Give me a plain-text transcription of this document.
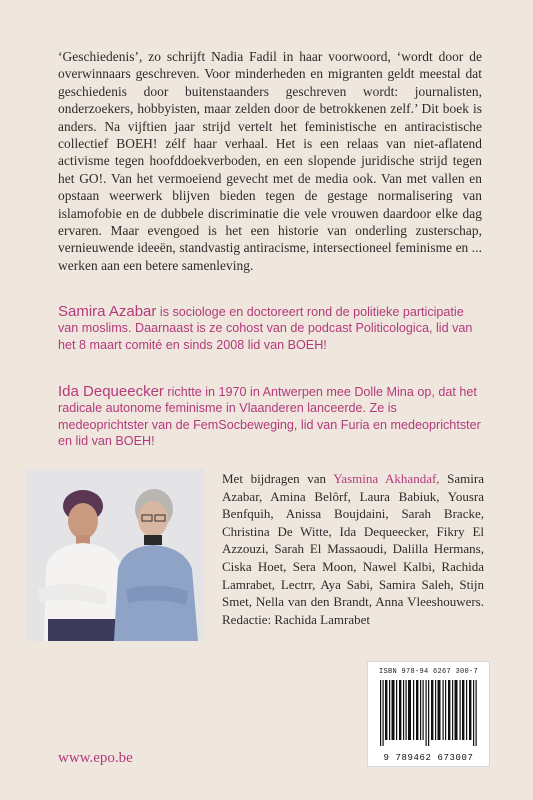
‘Geschiedenis’, zo schrijft Nadia Fadil in haar voorwoord, ‘wordt door de overwinnaars geschreven. Voor minderheden en migranten geldt meestal dat geschiedenis door buitenstaanders geschreven wordt: journalisten, onderzoekers, hobbyisten, maar zelden door de betrokkenen zelf.’ Dit boek is anders. Na vijftien jaar strijd vertelt het feministische en antiracistische collectief BOEH! zélf haar verhaal. Het is een relaas van niet-aflatend activisme tegen hoofddoekverboden, en een slopende juridische strijd tegen het GO!. Van het vermoeiend gevecht met de media ook. Van met vallen en opstaan weerwerk blijven bieden tegen de gestage normalisering van islamofobie en de dubbele discriminatie die vele vrouwen daardoor elke dag ervaren. Maar evengoed is het een historie van onderling zusterschap, vernieuwende ideeën, standvastig antiracisme, intersectioneel feminisme en ... werken aan een betere samenleving.
Samira Azabar is sociologe en doctoreert rond de politieke participatie van moslims. Daarnaast is ze cohost van de podcast Politicologica, lid van het 8 maart comité en sinds 2008 lid van BOEH!
Ida Dequeecker richtte in 1970 in Antwerpen mee Dolle Mina op, dat het radicale autonome feminisme in Vlaanderen lanceerde. Ze is medeoprichtster van de FemSocbeweging, lid van Furia en medeoprichtster en lid van BOEH!
Met bijdragen van Yasmina Akhandaf, Samira Azabar, Amina Belôrf, Laura Babiuk, Yousra Benfquih, Anissa Boujdaini, Sarah Bracke, Christina De Witte, Ida Dequeecker, Fikry El Azzouzi, Sarah El Massaoudi, Dalilla Hermans, Ciska Hoet, Sera Moon, Nawel Kalbi, Rachida Lamrabet, Lectrr, Aya Sabi, Samira Saleh, Stijn Smet, Nella van den Brandt, Anna Vleeshouwers. Redactie: Rachida Lamrabet
ISBN 978-94 6267 300-7
9 789462 673007
www.epo.be
